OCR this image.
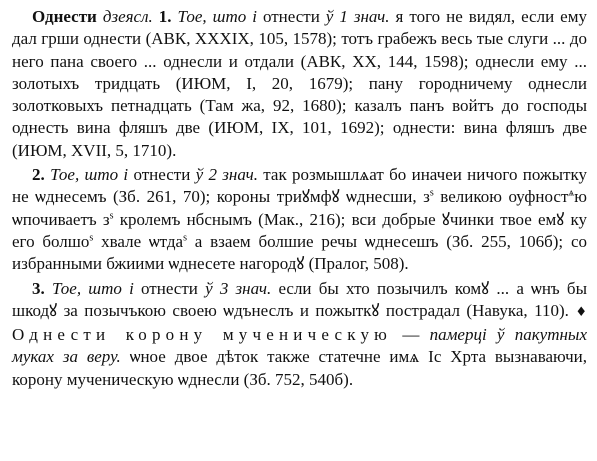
Однести дзеясл. 1. Тое, што і отнести ў 1 знач. я того не видял, если ему дал грши однести (АВК, XXXIX, 105, 1578); тотъ грабежъ весь тые слуги ... до него пана своего ... однесли и отдали (АВК, XX, 144, 1598); однесли ему ... золотыхъ тридцать (ИЮМ, I, 20, 1679); пану городничему однесли золотковыхъ петнадцать (Там жа, 92, 1680); казалъ панъ войтъ до господы однесть вина фляшъ две (ИЮМ, IX, 101, 1692); однести: вина фляшъ две (ИЮМ, XVII, 5, 1710).

2. Тое, што і отнести ў 2 знач. так розмышлѧат бо иначеи ничого пожытку не ѡднесемъ (Зб. 261, 70); короны триꙋмфꙋ ѡднесши, $з^s$ великою оуфност$^ѧ$ю ѡпочиваетъ $з^s$ кролемъ нбснымъ (Мак., 216); вси добрые ꙋчинки твое емꙋ ку его болшо$^s$ хвале ѡтда$^s$ а взаем болшие речы ѡднесешъ (Зб. 255, 106б); со избранными бжиими ѡднесете нагородꙋ (Пралог, 508).

3. Тое, што і отнести ў 3 знач. если бы хто позычилъ комꙋ ... а ѡнъ бы шкодꙋ за позычъкою своею ѡдънеслъ и пожыткꙋ пострадал (Навука, 110). ♦ Однести корону мученическую — памерці ў пакутных муках за веру. ѡное двое дѣток также статечне имѧ Іс Хрта вызнаваючи, корону мученическую ѡднесли (Зб. 752, 540б).
